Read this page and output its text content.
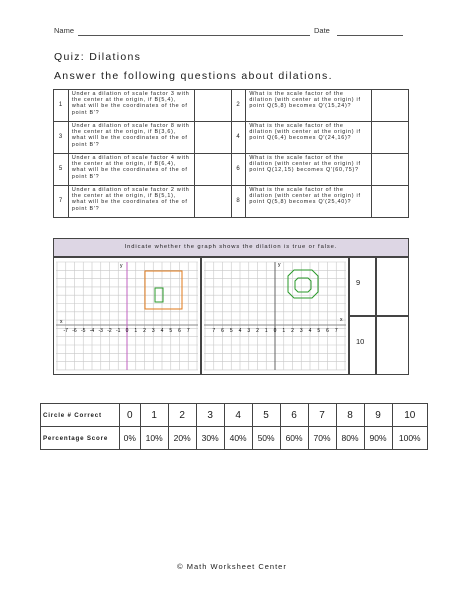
Name	Date
Quiz: Dilations
Answer the following questions about dilations.
1	Under a dilation of scale factor 3 with the center at the origin, if B(5,4), what will be the coordinates of the of point B'?		2	What is the scale factor of the dilation (with center at the origin) if point Q(5,8) becomes Q'(15,24)?	
3	Under a dilation of scale factor 8 with the center at the origin, if B(3,6), what will be the coordinates of the of point B'?		4	What is the scale factor of the dilation (with center at the origin) if point Q(6,4) becomes Q'(24,16)?	
5	Under a dilation of scale factor 4 with the center at the origin, if B(6,4), what will be the coordinates of the of point B'?		6	What is the scale factor of the dilation (with center at the origin) if point Q(12,15) becomes Q'(60,75)?	
7	Under a dilation of scale factor 2 with the center at the origin, if B(5,1), what will be the coordinates of the of point B'?		8	What is the scale factor of the dilation (with center at the origin) if point Q(5,8) becomes Q'(25,40)?	
Indicate whether the graph shows the dilation is true or false.
x
y
-7 -6 -5 -4 -3 -2 -1 0 1 2 3 4 5 6 7
x
y
7 6 5 4 3 2 1 0 1 2 3 4 5 6 7
9
10
Circle # Correct	0	1	2	3	4	5	6	7	8	9	10
Percentage Score	0%	10%	20%	30%	40%	50%	60%	70%	80%	90%	100%
© Math Worksheet Center
